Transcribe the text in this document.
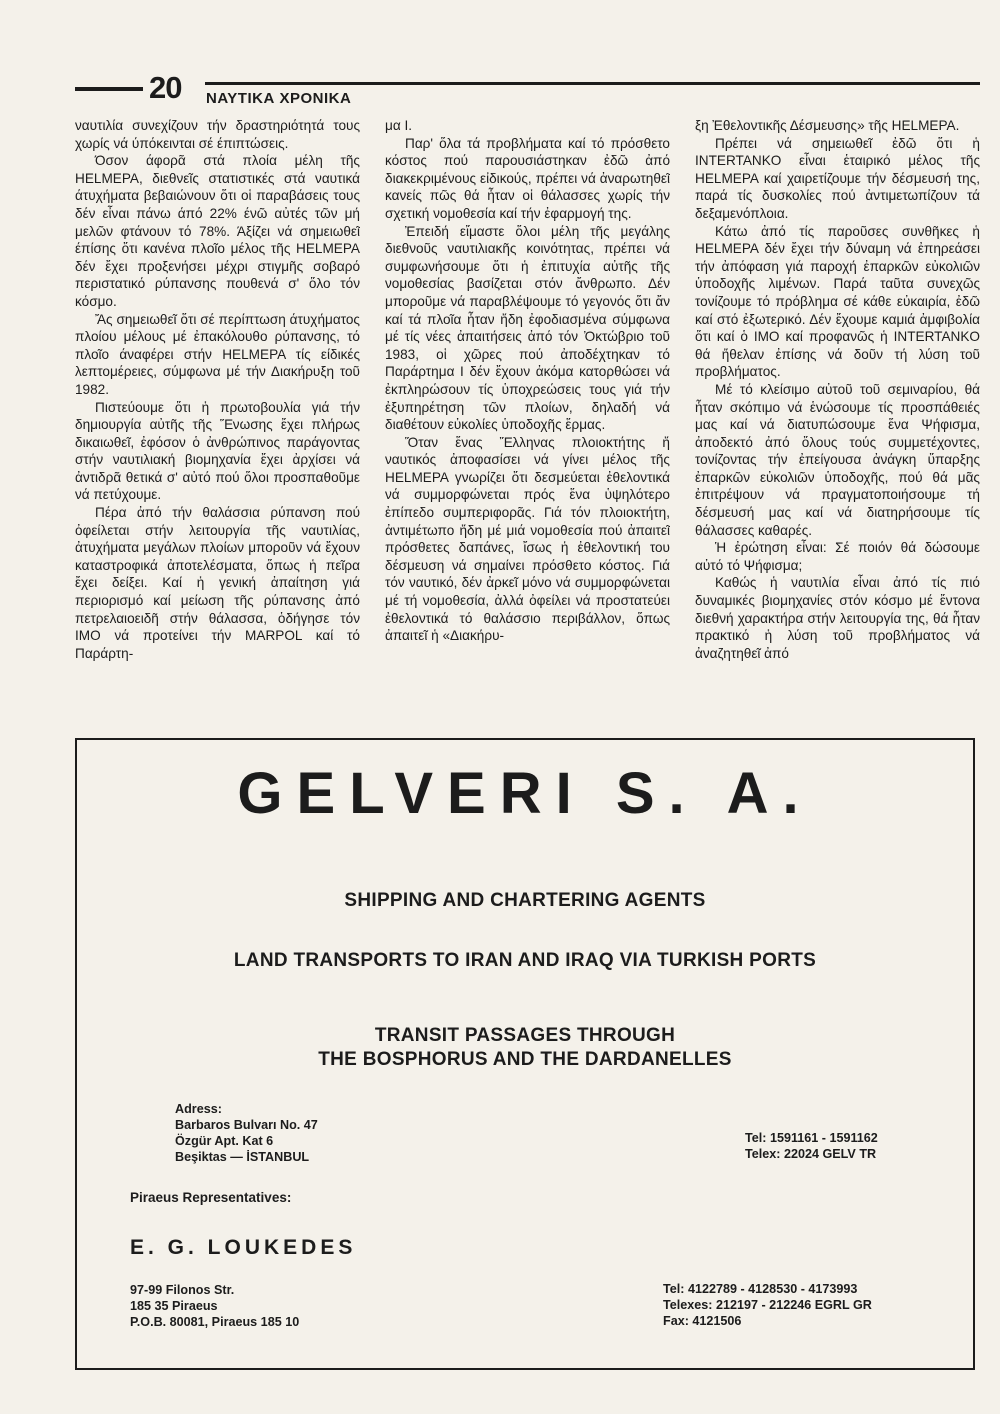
20 ΝΑΥΤΙΚΑ ΧΡΟΝΙΚΑ

ναυτιλία συνεχίζουν τήν δραστηριότητά τους χωρίς νά ύπόκεινται σέ έπιπτώσεις.

Όσον άφορᾶ στά πλοία μέλη τῆς HELMEPA, διεθνεῖς στατιστικές στά ναυτικά άτυχήματα βεβαιώνουν ὅτι οἱ παραβάσεις τους δέν εἶναι πάνω άπό 22% ένῶ αὐτές τῶν μή μελῶν φτάνουν τό 78%. Άξίζει νά σημειωθεῖ έπίσης ὅτι κανένα πλοῖο μέλος τῆς HELMEPA δέν ἔχει προξενήσει μέχρι στιγμῆς σοβαρό περιστατικό ρύπανσης πουθενά σ' ὅλο τόν κόσμο.

Ἄς σημειωθεῖ ὅτι σέ περίπτωση άτυχήματος πλοίου μέλους μέ ἐπακόλουθο ρύπανσης, τό πλοῖο άναφέρει στήν HELMEPA τίς είδικές λεπτομέρειες, σύμφωνα μέ τήν Διακήρυξη τοῦ 1982.

Πιστεύουμε ὅτι ἡ πρωτοβουλία γιά τήν δημιουργία αὐτῆς τῆς Ἕνωσης ἔχει πλήρως δικαιωθεῖ, ἐφόσον ὁ ἀνθρώπινος παράγοντας στήν ναυτιλιακή βιομηχανία ἔχει ἀρχίσει νά ἀντιδρᾶ θετικά σ' αὐτό πού ὅλοι προσπαθοῦμε νά πετύχουμε.

Πέρα ἀπό τήν θαλάσσια ρύπανση πού ὀφείλεται στήν λειτουργία τῆς ναυτιλίας, ἀτυχήματα μεγάλων πλοίων μποροῦν νά ἔχουν καταστροφικά ἀποτελέσματα, ὅπως ἡ πεῖρα ἔχει δείξει. Καί ἡ γενική ἀπαίτηση γιά περιορισμό καί μείωση τῆς ρύπανσης ἀπό πετρελαιοειδῆ στήν θάλασσα, ὁδήγησε τόν IMO νά προτείνει τήν MARPOL καί τό Παράρτη-

μα I.

Παρ' ὅλα τά προβλήματα καί τό πρόσθετο κόστος πού παρουσιάστηκαν ἐδῶ ἀπό διακεκριμένους εἰδικούς, πρέπει νά ἀναρωτηθεῖ κανείς πῶς θά ἦταν οἱ θάλασσες χωρίς τήν σχετική νομοθεσία καί τήν ἐφαρμογή της.

Ἐπειδή εἴμαστε ὅλοι μέλη τῆς μεγάλης διεθνοῦς ναυτιλιακῆς κοινότητας, πρέπει νά συμφωνήσουμε ὅτι ἡ ἐπιτυχία αὐτῆς τῆς νομοθεσίας βασίζεται στόν ἄνθρωπο. Δέν μποροῦμε νά παραβλέψουμε τό γεγονός ὅτι ἄν καί τά πλοῖα ἦταν ἤδη ἐφοδιασμένα σύμφωνα μέ τίς νέες ἀπαιτήσεις ἀπό τόν Ὀκτώβριο τοῦ 1983, οἱ χῶρες πού ἀποδέχτηκαν τό Παράρτημα I δέν ἔχουν ἀκόμα κατορθώσει νά ἐκπληρώσουν τίς ὑποχρεώσεις τους γιά τήν ἐξυπηρέτηση τῶν πλοίων, δηλαδή νά διαθέτουν εὐκολίες ὑποδοχῆς ἕρμας.

Ὅταν ἕνας Ἕλληνας πλοιοκτήτης ἤ ναυτικός ἀποφασίσει νά γίνει μέλος τῆς HELMEPA γνωρίζει ὅτι δεσμεύεται ἐθελοντικά νά συμμορφώνεται πρός ἕνα ὑψηλότερο ἐπίπεδο συμπεριφορᾶς. Γιά τόν πλοιοκτήτη, ἀντιμέτωπο ἤδη μέ μιά νομοθεσία πού ἀπαιτεῖ πρόσθετες δαπάνες, ἴσως ἡ ἐθελοντική του δέσμευση νά σημαίνει πρόσθετο κόστος. Γιά τόν ναυτικό, δέν ἀρκεῖ μόνο νά συμμορφώνεται μέ τή νομοθεσία, ἀλλά ὀφείλει νά προστατεύει ἐθελοντικά τό θαλάσσιο περιβάλλον, ὅπως ἀπαιτεῖ ἡ «Διακήρυ-

ξη Ἐθελοντικῆς Δέσμευσης» τῆς HELMEPA.

Πρέπει νά σημειωθεῖ ἐδῶ ὅτι ἡ INTERTANKO εἶναι ἑταιρικό μέλος τῆς HELMEPA καί χαιρετίζουμε τήν δέσμευσή της, παρά τίς δυσκολίες πού ἀντιμετωπίζουν τά δεξαμενόπλοια.

Κάτω ἀπό τίς παροῦσες συνθῆκες ἡ HELMEPA δέν ἔχει τήν δύναμη νά ἐπηρεάσει τήν ἀπόφαση γιά παροχή ἐπαρκῶν εὐκολιῶν ὑποδοχῆς λιμένων. Παρά ταῦτα συνεχῶς τονίζουμε τό πρόβλημα σέ κάθε εὐκαιρία, ἐδῶ καί στό ἐξωτερικό. Δέν ἔχουμε καμιά ἀμφιβολία ὅτι καί ὁ IMO καί προφανῶς ἡ INTERTANKO θά ἤθελαν ἐπίσης νά δοῦν τή λύση τοῦ προβλήματος.

Μέ τό κλείσιμο αὐτοῦ τοῦ σεμιναρίου, θά ἦταν σκόπιμο νά ἑνώσουμε τίς προσπάθειές μας καί νά διατυπώσουμε ἕνα Ψήφισμα, ἀποδεκτό ἀπό ὅλους τούς συμμετέχοντες, τονίζοντας τήν ἐπείγουσα ἀνάγκη ὕπαρξης ἐπαρκῶν εὐκολιῶν ὑποδοχῆς, πού θά μᾶς ἐπιτρέψουν νά πραγματοποιήσουμε τή δέσμευσή μας καί νά διατηρήσουμε τίς θάλασσες καθαρές.

Ἡ ἐρώτηση εἶναι: Σέ ποιόν θά δώσουμε αὐτό τό Ψήφισμα;

Καθώς ἡ ναυτιλία εἶναι ἀπό τίς πιό δυναμικές βιομηχανίες στόν κόσμο μέ ἔντονα διεθνή χαρακτήρα στήν λειτουργία της, θά ἦταν πρακτικό ἡ λύση τοῦ προβλήματος νά ἀναζητηθεῖ ἀπό

GELVERI S. A.
SHIPPING AND CHARTERING AGENTS
LAND TRANSPORTS TO IRAN AND IRAQ VIA TURKISH PORTS
TRANSIT PASSAGES THROUGH
THE BOSPHORUS AND THE DARDANELLES
Adress:
Barbaros Bulvarı No. 47
Özgür Apt. Kat 6
Beşiktas — İSTANBUL
Tel: 1591161 - 1591162
Telex: 22024 GELV TR
Piraeus Representatives:
E. G. LOUKEDES
97-99 Filonos Str.
185 35 Piraeus
P.O.B. 80081, Piraeus 185 10
Tel: 4122789 - 4128530 - 4173993
Telexes: 212197 - 212246 EGRL GR
Fax: 4121506
